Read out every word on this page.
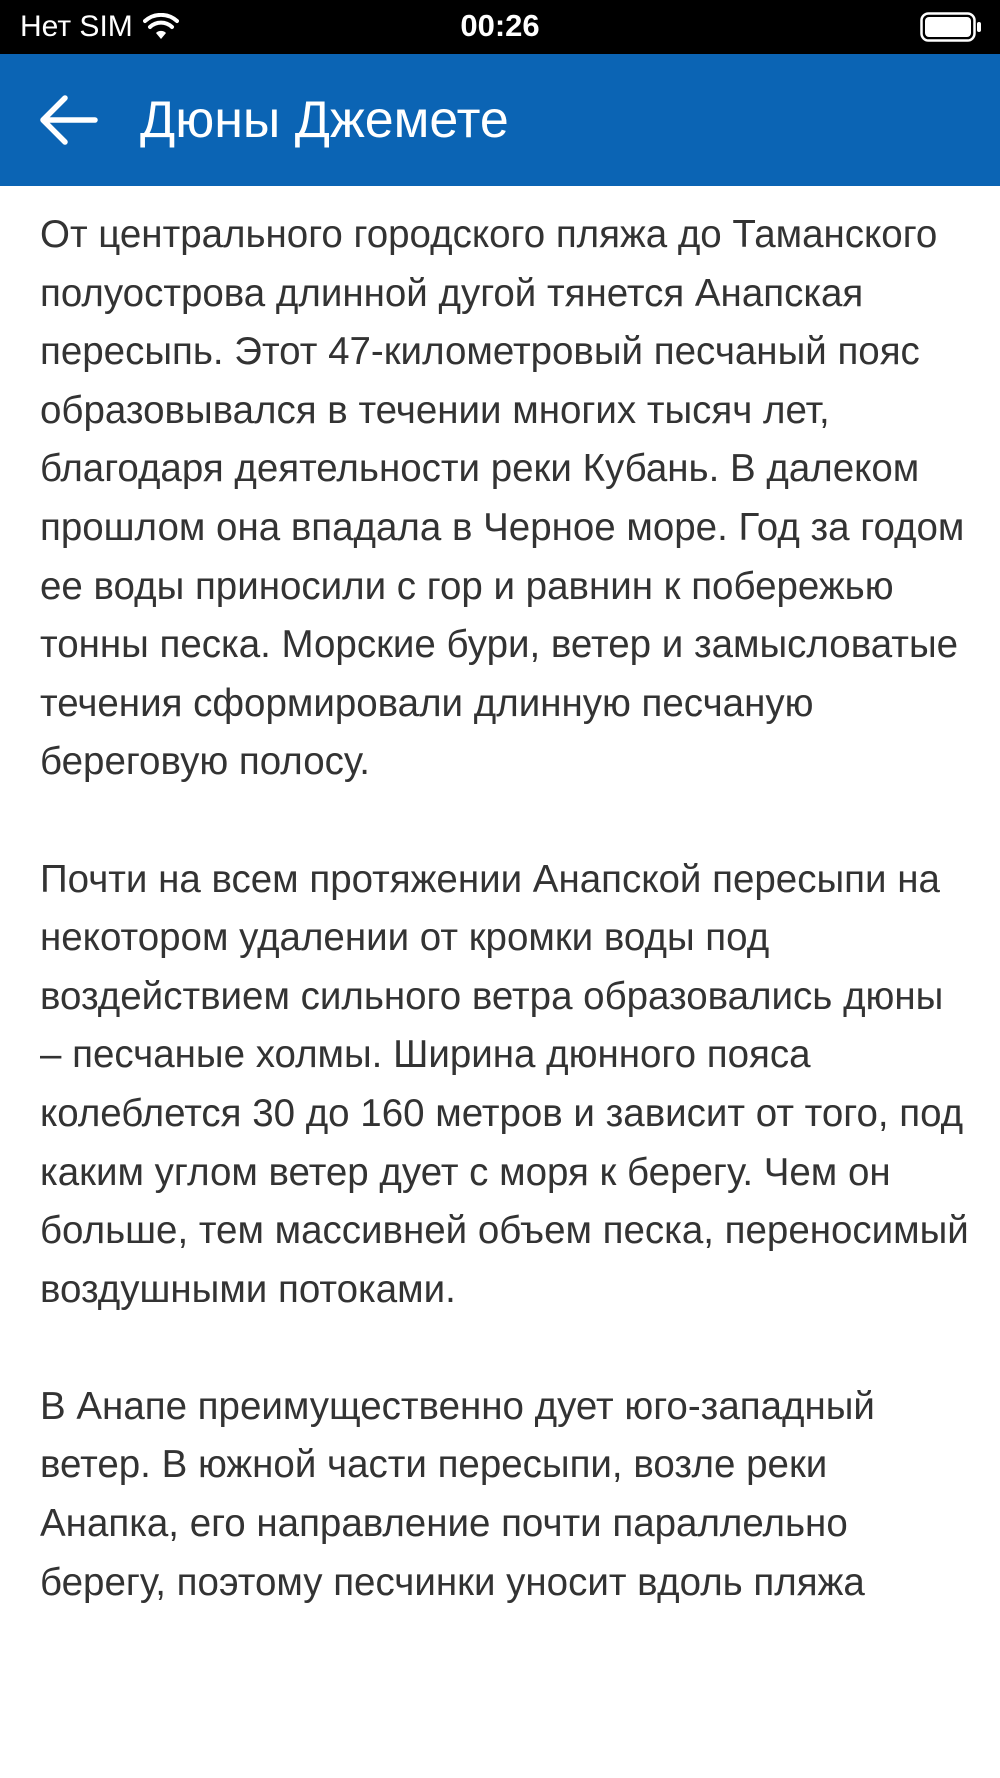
Нет SIM	00:26
Дюны Джемете

От центрального городского пляжа до Таманского полуострова длинной дугой тянется Анапская пересыпь. Этот 47-километровый песчаный пояс образовывался в течении многих тысяч лет, благодаря деятельности реки Кубань. В далеком прошлом она впадала в Черное море. Год за годом ее воды приносили с гор и равнин к побережью тонны песка. Морские бури, ветер и замысловатые течения сформировали длинную песчаную береговую полосу.

Почти на всем протяжении Анапской пересыпи на некотором удалении от кромки воды под воздействием сильного ветра образовались дюны – песчаные холмы. Ширина дюнного пояса колеблется 30 до 160 метров и зависит от того, под каким углом ветер дует с моря к берегу. Чем он больше, тем массивней объем песка, переносимый воздушными потоками.

В Анапе преимущественно дует юго-западный ветер. В южной части пересыпи, возле реки Анапка, его направление почти параллельно берегу, поэтому песчинки уносит вдоль пляжа
